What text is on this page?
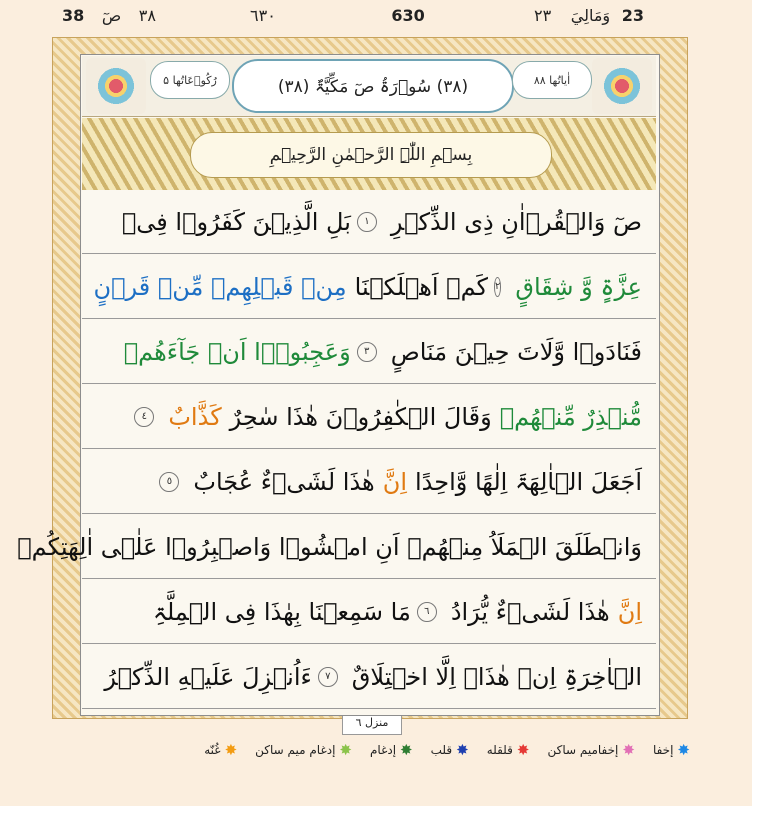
23 وَمَالِيَ ٢٣
٦٣٠	630
٣٨ صٓ 38
رُکُوۡعَاتُھا ۵	(٣٨) سُوۡرَۃُ صٓ مَکِّیَّۃٌ (٣٨)	اٰیاتُھا ۸۸
بِسۡمِ اللّٰہِ الرَّحۡمٰنِ الرَّحِیۡمِ
صٓ وَالۡقُرۡاٰنِ ذِی الذِّکۡرِ
١
بَلِ الَّذِیۡنَ کَفَرُوۡا فِیۡ
عِزَّۃٍ وَّ شِقَاقٍ
٢
کَمۡ اَهۡلَکۡنَا
مِنۡ قَبۡلِهِمۡ مِّنۡ قَرۡنٍ
فَنَادَوۡا وَّلَاتَ حِیۡنَ مَنَاصٍ
٣
وَعَجِبُوۡۤا اَنۡ جَآءَهُمۡ
مُّنۡذِرٌ مِّنۡهُمۡ
وَقَالَ الۡکٰفِرُوۡنَ هٰذَا سٰحِرٌ
کَذَّابٌ
٤
اَجَعَلَ الۡاٰلِهَۃَ اِلٰهًا وَّاحِدًا
اِنَّ
هٰذَا لَشَیۡءٌ عُجَابٌ
٥
وَانۡطَلَقَ الۡمَلَاُ مِنۡهُمۡ اَنِ امۡشُوۡا وَاصۡبِرُوۡا عَلٰۤی اٰلِهَتِکُمۡ
اِنَّ
هٰذَا لَشَیۡءٌ یُّرَادُ
٦
مَا سَمِعۡنَا بِهٰذَا فِی الۡمِلَّۃِ
الۡاٰخِرَۃِ
اِنۡ هٰذَاۤ اِلَّا اخۡتِلَاقٌ
٧
ءَاُنۡزِلَ عَلَیۡهِ الذِّکۡرُ
منزل ٦
✸
إخفا
✸
إخفاميم ساكن
✸
قلقله
✸
قلب
✸
إدغام
✸
إدغام ميم ساكن
✸
غُنّه
